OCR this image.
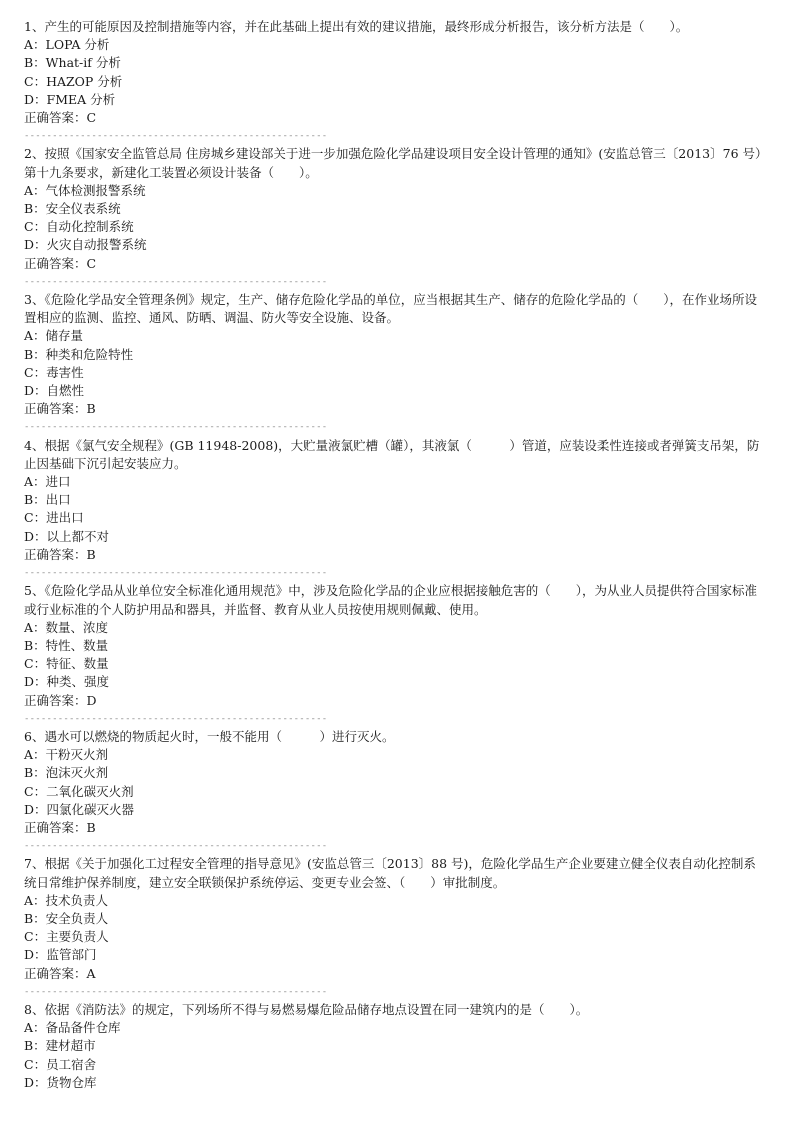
1、产生的可能原因及控制措施等内容，并在此基础上提出有效的建议措施，最终形成分析报告，该分析方法是（　　）。

A：LOPA 分析
B：What-if 分析
C：HAZOP 分析
D：FMEA 分析
正确答案：C
------------------------------------------------------

2、按照《国家安全监管总局 住房城乡建设部关于进一步加强危险化学品建设项目安全设计管理的通知》(安监总管三〔2013〕76 号）第十九条要求，新建化工装置必须设计装备（　　）。

A：气体检测报警系统
B：安全仪表系统
C：自动化控制系统
D：火灾自动报警系统
正确答案：C
------------------------------------------------------

3、《危险化学品安全管理条例》规定，生产、储存危险化学品的单位，应当根据其生产、储存的危险化学品的（　　），在作业场所设置相应的监测、监控、通风、防晒、调温、防火等安全设施、设备。

A：储存量
B：种类和危险特性
C：毒害性
D：自燃性
正确答案：B
------------------------------------------------------

4、根据《氯气安全规程》(GB 11948-2008)，大贮量液氯贮槽（罐），其液氯（　　　）管道，应装设柔性连接或者弹簧支吊架，防止因基础下沉引起安装应力。

A：进口
B：出口
C：进出口
D：以上都不对
正确答案：B
------------------------------------------------------

5、《危险化学品从业单位安全标准化通用规范》中，涉及危险化学品的企业应根据接触危害的（　　），为从业人员提供符合国家标准或行业标准的个人防护用品和器具，并监督、教育从业人员按使用规则佩戴、使用。

A：数量、浓度
B：特性、数量
C：特征、数量
D：种类、强度
正确答案：D
------------------------------------------------------

6、遇水可以燃烧的物质起火时，一般不能用（　　　）进行灭火。

A：干粉灭火剂
B：泡沫灭火剂
C：二氧化碳灭火剂
D：四氯化碳灭火器
正确答案：B
------------------------------------------------------

7、根据《关于加强化工过程安全管理的指导意见》(安监总管三〔2013〕88 号)，危险化学品生产企业要建立健全仪表自动化控制系统日常维护保养制度，建立安全联锁保护系统停运、变更专业会签、（　　）审批制度。

A：技术负责人
B：安全负责人
C：主要负责人
D：监管部门
正确答案：A
------------------------------------------------------

8、依据《消防法》的规定，下列场所不得与易燃易爆危险品储存地点设置在同一建筑内的是（　　）。

A：备品备件仓库
B：建材超市
C：员工宿舍
D：货物仓库
